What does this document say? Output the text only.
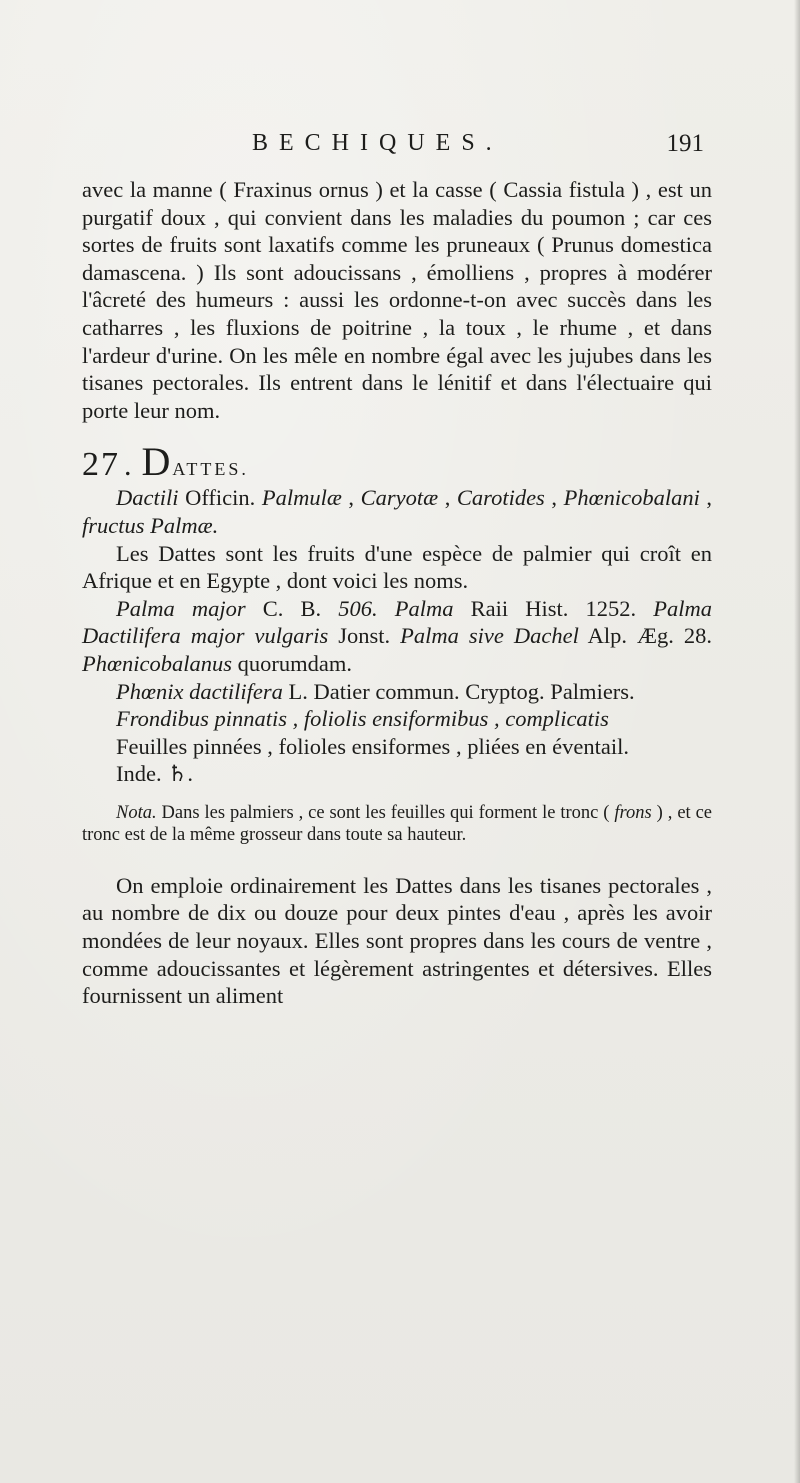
BECHIQUES.	191

avec la manne ( Fraxinus ornus ) et la casse ( Cassia fistula ) , est un purgatif doux , qui convient dans les maladies du poumon ; car ces sortes de fruits sont laxatifs comme les pruneaux ( Prunus domestica damascena. ) Ils sont adoucissans , émolliens , propres à modérer l'âcreté des humeurs : aussi les ordonne-t-on avec succès dans les catharres , les fluxions de poitrine , la toux , le rhume , et dans l'ardeur d'urine. On les mêle en nombre égal avec les jujubes dans les tisanes pectorales. Ils entrent dans le lénitif et dans l'électuaire qui porte leur nom.

27 . D ATTES.

Dactili Officin. Palmulæ , Caryotæ , Carotides , Phœnicobalani , fructus Palmæ.

Les Dattes sont les fruits d'une espèce de palmier qui croît en Afrique et en Egypte , dont voici les noms.

Palma major C. B. 506. Palma Raii Hist. 1252. Palma Dactilifera major vulgaris Jonst. Palma sive Dachel Alp. Æg. 28. Phœnicobalanus quorumdam.

Phœnix dactilifera L. Datier commun. Cryptog. Palmiers.

Frondibus pinnatis , foliolis ensiformibus , complicatis

Feuilles pinnées , folioles ensiformes , pliées en éventail.

Inde. ♄.

Nota. Dans les palmiers , ce sont les feuilles qui forment le tronc ( frons ) , et ce tronc est de la même grosseur dans toute sa hauteur.

On emploie ordinairement les Dattes dans les tisanes pectorales , au nombre de dix ou douze pour deux pintes d'eau , après les avoir mondées de leur noyaux. Elles sont propres dans les cours de ventre , comme adoucissantes et légèrement astringentes et détersives. Elles fournissent un aliment
